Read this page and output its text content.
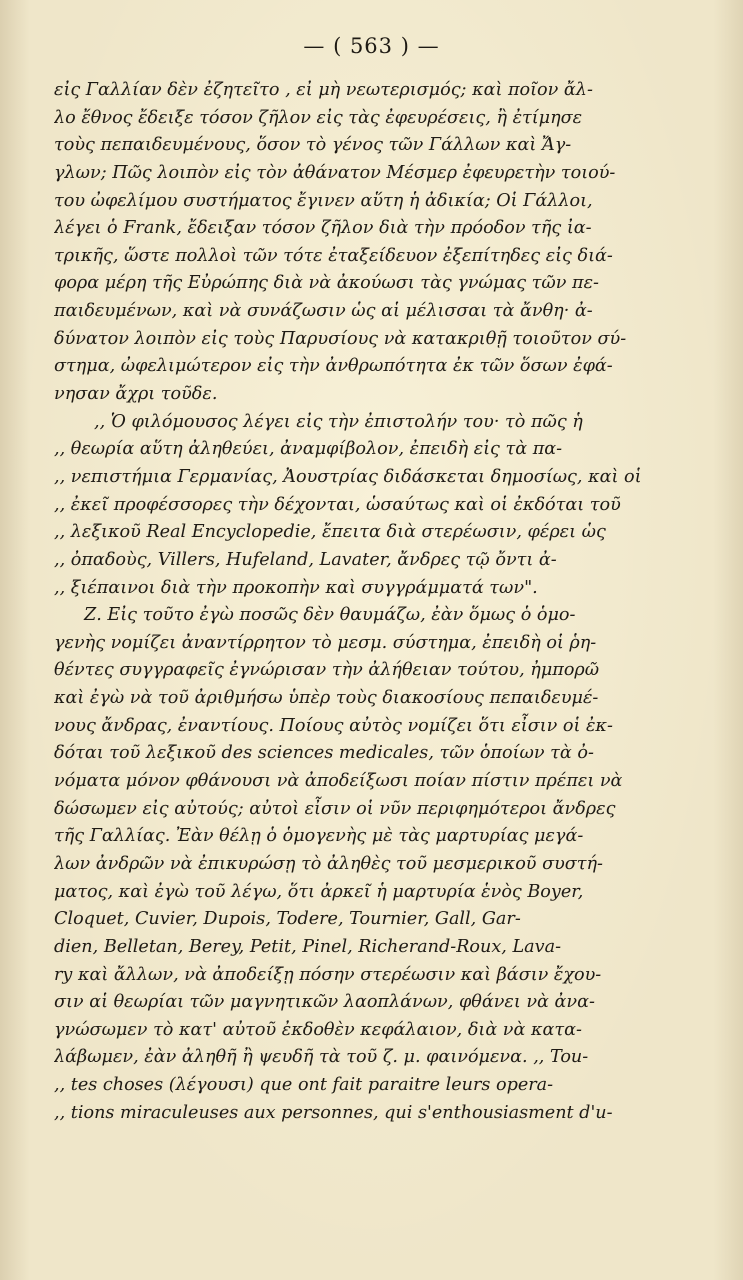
— ( 563 ) —
εἰς Γαλλίαν δὲν ἐζητεῖτο , εἰ μὴ νεωτερισμός; καὶ ποῖον ἄλ-
λο ἔθνος ἔδειξε τόσον ζῆλον εἰς τὰς ἐφευρέσεις, ἢ ἐτίμησε
τοὺς πεπαιδευμένους, ὅσον τὸ γένος τῶν Γάλλων καὶ Ἄγ-
γλων; Πῶς λοιπὸν εἰς τὸν ἀθάνατον Μέσμερ ἐφευρετὴν τοιού-
του ὠφελίμου συστήματος ἔγινεν αὕτη ἡ ἀδικία; Οἱ Γάλλοι,
λέγει ὁ Frank, ἔδειξαν τόσον ζῆλον διὰ τὴν πρόοδον τῆς ἰα-
τρικῆς, ὥστε πολλοὶ τῶν τότε ἐταξείδευον ἐξεπίτηδες εἰς διά-
φορα μέρη τῆς Εὐρώπης διὰ νὰ ἀκούωσι τὰς γνώμας τῶν πε-
παιδευμένων, καὶ νὰ συνάζωσιν ὡς αἱ μέλισσαι τὰ ἄνθη· ἀ-
δύνατον λοιπὸν εἰς τοὺς Παρυσίους νὰ κατακριθῇ τοιοῦτον σύ-
στημα, ὠφελιμώτερον εἰς τὴν ἀνθρωπότητα ἐκ τῶν ὅσων ἐφά-
νησαν ἄχρι τοῦδε.
,, Ὁ φιλόμουσος λέγει εἰς τὴν ἐπιστολήν του· τὸ πῶς ἡ
,, θεωρία αὕτη ἀληθεύει, ἀναμφίβολον, ἐπειδὴ εἰς τὰ πα-
,, νεπιστήμια Γερμανίας, Ἀουστρίας διδάσκεται δημοσίως, καὶ οἱ
,, ἐκεῖ προφέσσορες τὴν δέχονται, ὡσαύτως καὶ οἱ ἐκδόται τοῦ
,, λεξικοῦ Real Encyclopedie, ἔπειτα διὰ στερέωσιν, φέρει ὡς
,, ὀπαδοὺς, Villers, Hufeland, Lavater, ἄνδρες τῷ ὄντι ἀ-
,, ξιέπαινοι διὰ τὴν προκοπὴν καὶ συγγράμματά των".
Ζ. Εἰς τοῦτο ἐγὼ ποσῶς δὲν θαυμάζω, ἐὰν ὅμως ὁ ὁμο-
γενὴς νομίζει ἀναντίρρητον τὸ μεσμ. σύστημα, ἐπειδὴ οἱ ῥη-
θέντες συγγραφεῖς ἐγνώρισαν τὴν ἀλήθειαν τούτου, ἠμπορῶ
καὶ ἐγὼ νὰ τοῦ ἀριθμήσω ὑπὲρ τοὺς διακοσίους πεπαιδευμέ-
νους ἄνδρας, ἐναντίους. Ποίους αὐτὸς νομίζει ὅτι εἶσιν οἱ ἐκ-
δόται τοῦ λεξικοῦ des sciences medicales, τῶν ὁποίων τὰ ὀ-
νόματα μόνον φθάνουσι νὰ ἀποδείξωσι ποίαν πίστιν πρέπει νὰ
δώσωμεν εἰς αὐτούς; αὐτοὶ εἶσιν οἱ νῦν περιφημότεροι ἄνδρες
τῆς Γαλλίας. Ἐὰν θέλῃ ὁ ὁμογενὴς μὲ τὰς μαρτυρίας μεγά-
λων ἀνδρῶν νὰ ἐπικυρώσῃ τὸ ἀληθὲς τοῦ μεσμερικοῦ συστή-
ματος, καὶ ἐγὼ τοῦ λέγω, ὅτι ἀρκεῖ ἡ μαρτυρία ἑνὸς Boyer,
Cloquet, Cuvier, Dupois, Todere, Tournier, Gall, Gar-
dien, Belletan, Berey, Petit, Pinel, Richerand-Roux, Lava-
ry καὶ ἄλλων, νὰ ἀποδείξῃ πόσην στερέωσιν καὶ βάσιν ἔχου-
σιν αἱ θεωρίαι τῶν μαγνητικῶν λαοπλάνων, φθάνει νὰ ἀνα-
γνώσωμεν τὸ κατ' αὐτοῦ ἐκδοθὲν κεφάλαιον, διὰ νὰ κατα-
λάβωμεν, ἐὰν ἀληθῆ ἢ ψευδῆ τὰ τοῦ ζ. μ. φαινόμενα. ,, Tou-
,, tes choses (λέγουσι) que ont fait paraitre leurs opera-
,, tions miraculeuses aux personnes, qui s'enthousiasment d'u-
